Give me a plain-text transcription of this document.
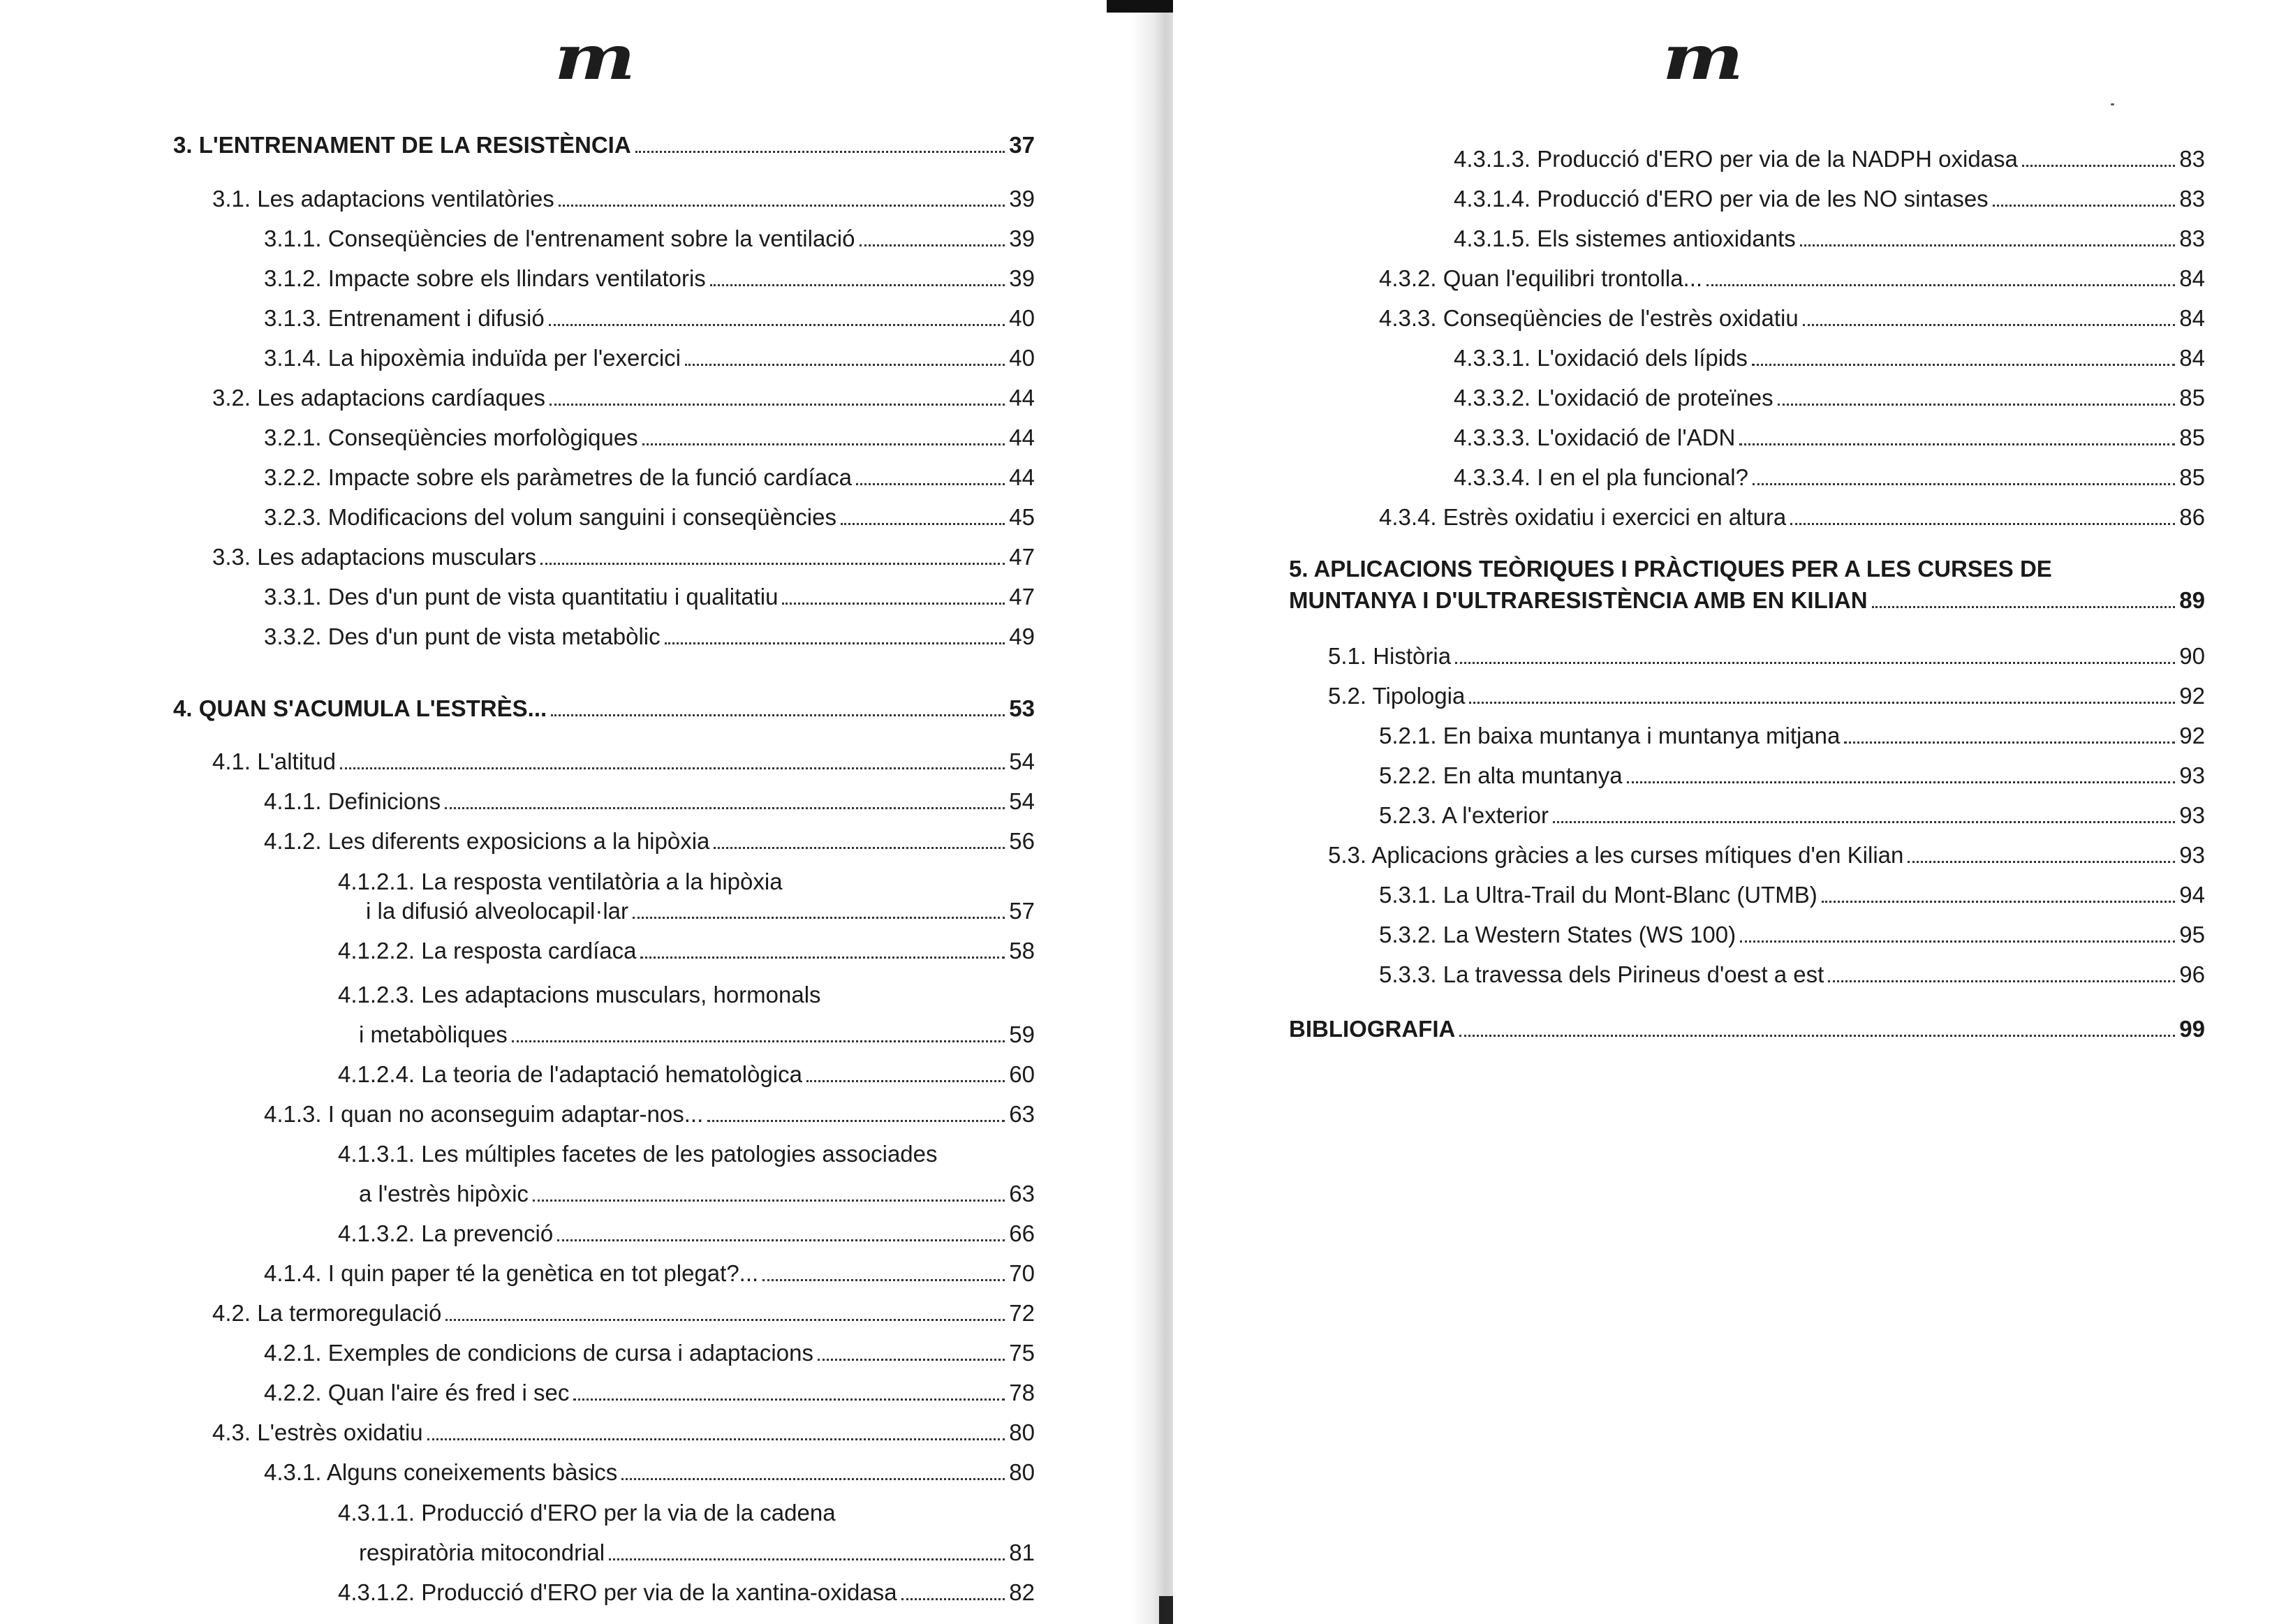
m
3. L'ENTRENAMENT DE LA RESISTÈNCIA	37
3.1. Les adaptacions ventilatòries	39
3.1.1. Conseqüències de l'entrenament sobre la ventilació	39
3.1.2. Impacte sobre els llindars ventilatoris	39
3.1.3. Entrenament i difusió	40
3.1.4. La hipoxèmia induïda per l'exercici	40
3.2. Les adaptacions cardíaques	44
3.2.1. Conseqüències morfològiques	44
3.2.2. Impacte sobre els paràmetres de la funció cardíaca	44
3.2.3. Modificacions del volum sanguini i conseqüències	45
3.3. Les adaptacions musculars	47
3.3.1. Des d'un punt de vista quantitatiu i qualitatiu	47
3.3.2. Des d'un punt de vista metabòlic	49
4. QUAN S'ACUMULA L'ESTRÈS...	53
4.1. L'altitud	54
4.1.1. Definicions	54
4.1.2. Les diferents exposicions a la hipòxia	56
4.1.2.1. La resposta ventilatòria a la hipòxia
i la difusió alveolocapil·lar	57
4.1.2.2. La resposta cardíaca	58
4.1.2.3. Les adaptacions musculars, hormonals
i metabòliques	59
4.1.2.4. La teoria de l'adaptació hematològica	60
4.1.3. I quan no aconseguim adaptar-nos...	63
4.1.3.1. Les múltiples facetes de les patologies associades
a l'estrès hipòxic	63
4.1.3.2. La prevenció	66
4.1.4. I quin paper té la genètica en tot plegat?...	70
4.2. La termoregulació	72
4.2.1. Exemples de condicions de cursa i adaptacions	75
4.2.2. Quan l'aire és fred i sec	78
4.3. L'estrès oxidatiu	80
4.3.1. Alguns coneixements bàsics	80
4.3.1.1. Producció d'ERO per la via de la cadena
respiratòria mitocondrial	81
4.3.1.2. Producció d'ERO per via de la xantina-oxidasa	82
m
4.3.1.3. Producció d'ERO per via de la NADPH oxidasa	83
4.3.1.4. Producció d'ERO per via de les NO sintases	83
4.3.1.5. Els sistemes antioxidants	83
4.3.2. Quan l'equilibri trontolla...	84
4.3.3. Conseqüències de l'estrès oxidatiu	84
4.3.3.1. L'oxidació dels lípids	84
4.3.3.2. L'oxidació de proteïnes	85
4.3.3.3. L'oxidació de l'ADN	85
4.3.3.4. I en el pla funcional?	85
4.3.4. Estrès oxidatiu i exercici en altura	86
5. APLICACIONS TEÒRIQUES I PRÀCTIQUES PER A LES CURSES DE
MUNTANYA I D'ULTRARESISTÈNCIA AMB EN KILIAN	89
5.1. Història	90
5.2. Tipologia	92
5.2.1. En baixa muntanya i muntanya mitjana	92
5.2.2. En alta muntanya	93
5.2.3. A l'exterior	93
5.3. Aplicacions gràcies a les curses mítiques d'en Kilian	93
5.3.1. La Ultra-Trail du Mont-Blanc (UTMB)	94
5.3.2. La Western States (WS 100)	95
5.3.3. La travessa dels Pirineus d'oest a est	96
BIBLIOGRAFIA	99
